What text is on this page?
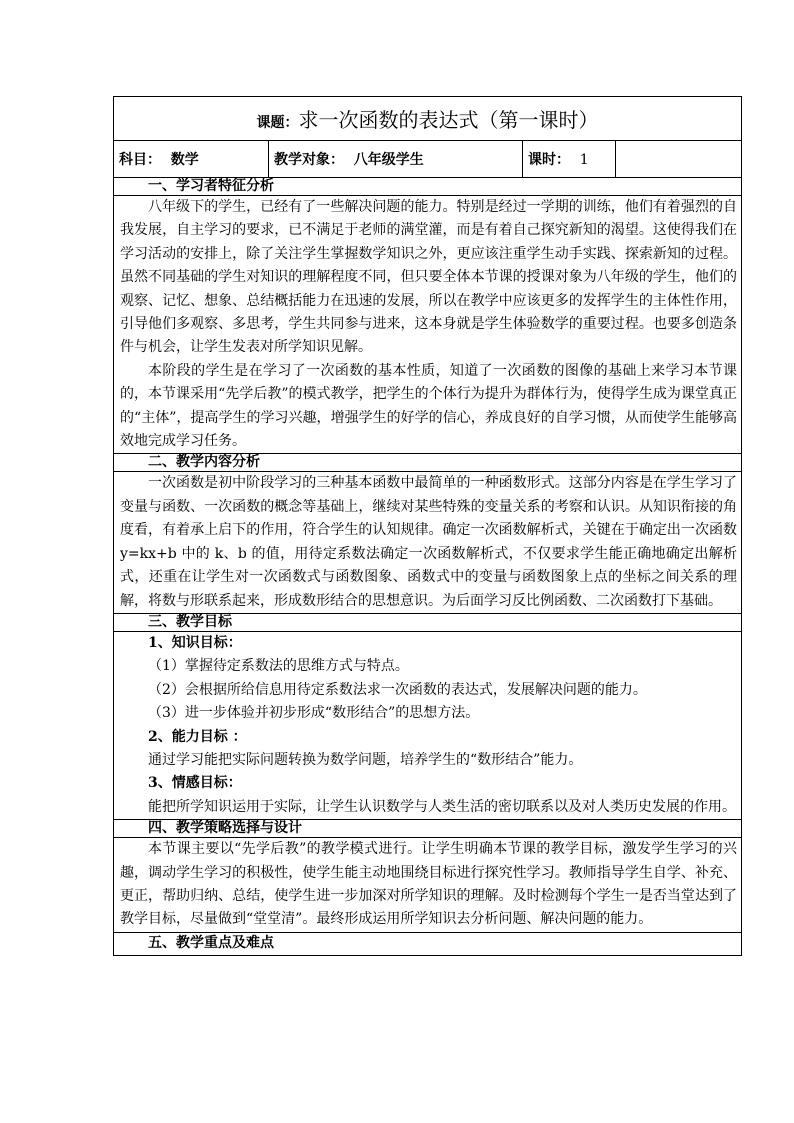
课题：求一次函数的表达式（第一课时）
科目： 数学	教学对象： 八年级学生	课时： 1	
一、学习者特征分析

八年级下的学生，已经有了一些解决问题的能力。特别是经过一学期的训练，他们有着强烈的自我发展，自主学习的要求，已不满足于老师的满堂灌，而是有着自己探究新知的渴望。这使得我们在学习活动的安排上，除了关注学生掌握数学知识之外，更应该注重学生动手实践、探索新知的过程。虽然不同基础的学生对知识的理解程度不同，但只要全体本节课的授课对象为八年级的学生，他们的观察、记忆、想象、总结概括能力在迅速的发展，所以在教学中应该更多的发挥学生的主体性作用，引导他们多观察、多思考，学生共同参与进来，这本身就是学生体验数学的重要过程。也要多创造条件与机会，让学生发表对所学知识见解。

本阶段的学生是在学习了一次函数的基本性质，知道了一次函数的图像的基础上来学习本节课的，本节课采用“先学后教”的模式教学，把学生的个体行为提升为群体行为，使得学生成为课堂真正的“主体”，提高学生的学习兴趣，增强学生的好学的信心，养成良好的自学习惯，从而使学生能够高效地完成学习任务。

二、教学内容分析

一次函数是初中阶段学习的三种基本函数中最简单的一种函数形式。这部分内容是在学生学习了变量与函数、一次函数的概念等基础上，继续对某些特殊的变量关系的考察和认识。从知识衔接的角度看，有着承上启下的作用，符合学生的认知规律。确定一次函数解析式，关键在于确定出一次函数 y=kx+b 中的 k、b 的值，用待定系数法确定一次函数解析式，不仅要求学生能正确地确定出解析式，还重在让学生对一次函数式与函数图象、函数式中的变量与函数图象上点的坐标之间关系的理解，将数与形联系起来，形成数形结合的思想意识。为后面学习反比例函数、二次函数打下基础。

三、教学目标

1、知识目标：

（1）掌握待定系数法的思维方式与特点。

（2）会根据所给信息用待定系数法求一次函数的表达式，发展解决问题的能力。

（3）进一步体验并初步形成“数形结合”的思想方法。

2、能力目标 ：

通过学习能把实际问题转换为数学问题，培养学生的“数形结合”能力。

3、情感目标：

能把所学知识运用于实际，让学生认识数学与人类生活的密切联系以及对人类历史发展的作用。

四、教学策略选择与设计

本节课主要以“先学后教”的教学模式进行。让学生明确本节课的教学目标，激发学生学习的兴趣，调动学生学习的积极性，使学生能主动地围绕目标进行探究性学习。教师指导学生自学、补充、更正，帮助归纳、总结，使学生进一步加深对所学知识的理解。及时检测每个学生一是否当堂达到了教学目标，尽量做到“堂堂清”。最终形成运用所学知识去分析问题、解决问题的能力。

五、教学重点及难点
